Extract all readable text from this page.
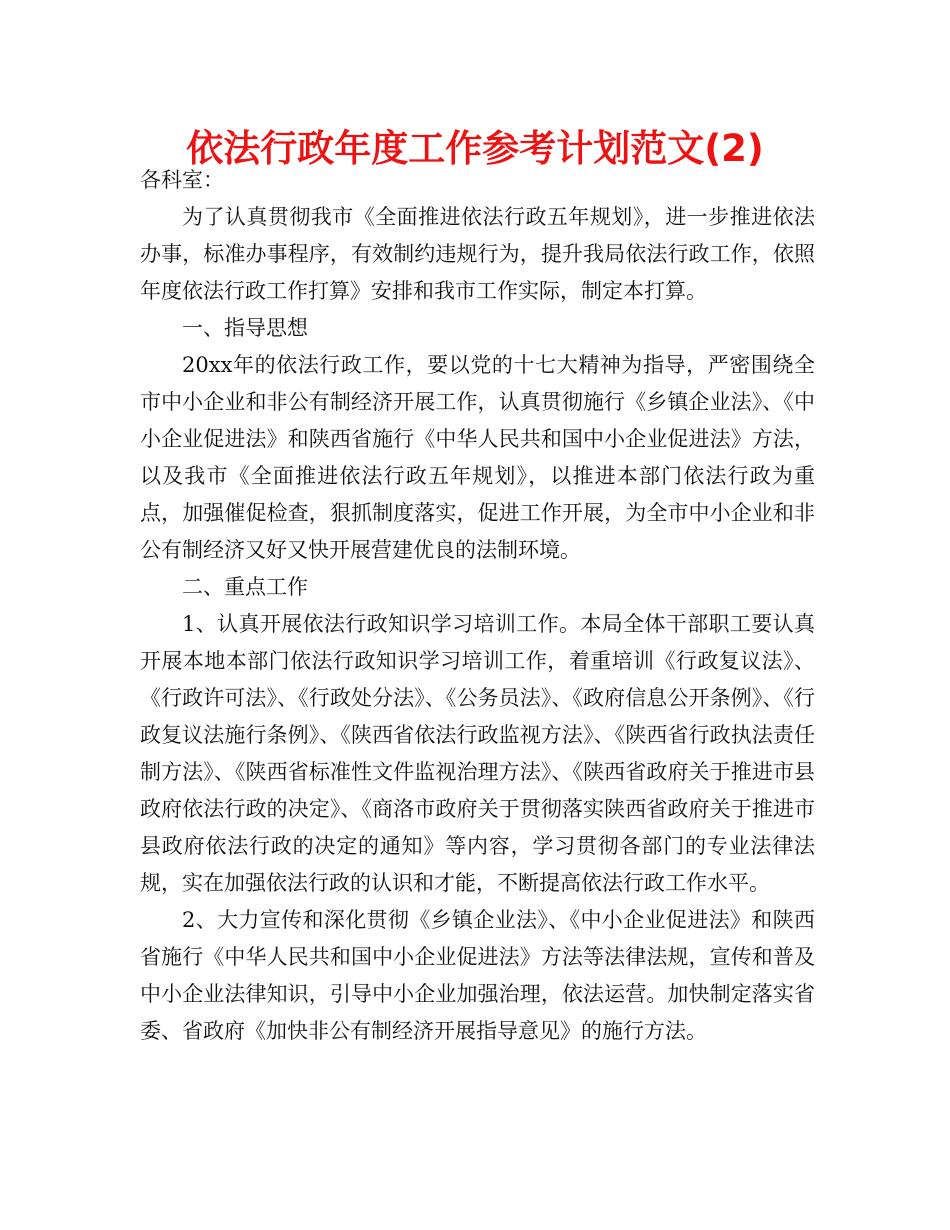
依法行政年度工作参考计划范文(2)

各科室：

为了认真贯彻我市《全面推进依法行政五年规划》，进一步推进依法办事，标准办事程序，有效制约违规行为，提升我局依法行政工作，依照年度依法行政工作打算》安排和我市工作实际，制定本打算。

一、指导思想

20xx年的依法行政工作，要以党的十七大精神为指导，严密围绕全市中小企业和非公有制经济开展工作，认真贯彻施行《乡镇企业法》、《中小企业促进法》和陕西省施行《中华人民共和国中小企业促进法》方法，以及我市《全面推进依法行政五年规划》，以推进本部门依法行政为重点，加强催促检查，狠抓制度落实，促进工作开展，为全市中小企业和非公有制经济又好又快开展营建优良的法制环境。

二、重点工作

1、认真开展依法行政知识学习培训工作。本局全体干部职工要认真开展本地本部门依法行政知识学习培训工作，着重培训《行政复议法》、《行政许可法》、《行政处分法》、《公务员法》、《政府信息公开条例》、《行政复议法施行条例》、《陕西省依法行政监视方法》、《陕西省行政执法责任制方法》、《陕西省标准性文件监视治理方法》、《陕西省政府关于推进市县政府依法行政的决定》、《商洛市政府关于贯彻落实陕西省政府关于推进市县政府依法行政的决定的通知》等内容，学习贯彻各部门的专业法律法规，实在加强依法行政的认识和才能，不断提高依法行政工作水平。

2、大力宣传和深化贯彻《乡镇企业法》、《中小企业促进法》和陕西省施行《中华人民共和国中小企业促进法》方法等法律法规，宣传和普及中小企业法律知识，引导中小企业加强治理，依法运营。加快制定落实省委、省政府《加快非公有制经济开展指导意见》的施行方法。
